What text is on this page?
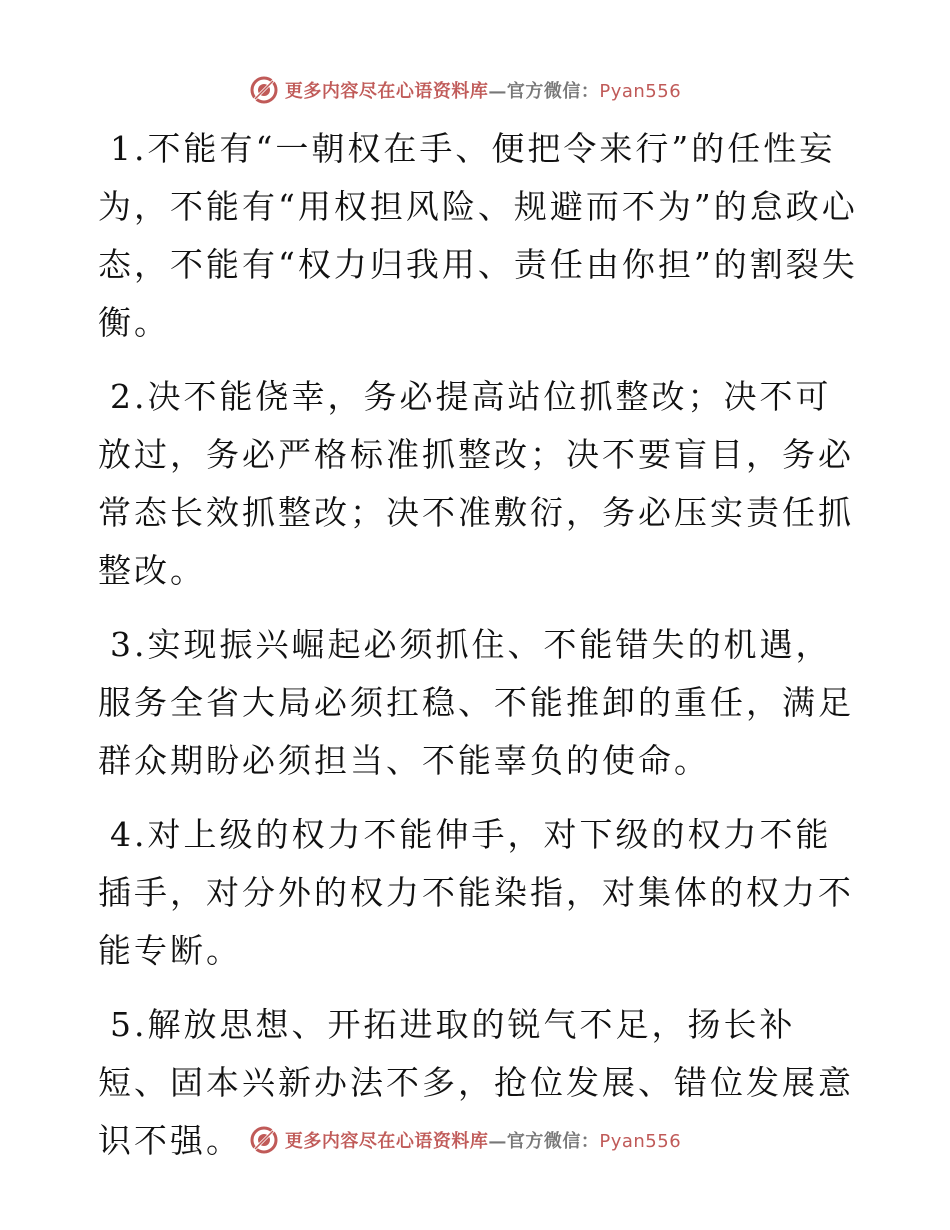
更多内容尽在心语资料库—官方微信：Pyan556

1.不能有“一朝权在手、便把令来行”的任性妄为，不能有“用权担风险、规避而不为”的怠政心态，不能有“权力归我用、责任由你担”的割裂失衡。

2.决不能侥幸，务必提高站位抓整改；决不可放过，务必严格标准抓整改；决不要盲目，务必常态长效抓整改；决不准敷衍，务必压实责任抓整改。

3.实现振兴崛起必须抓住、不能错失的机遇，服务全省大局必须扛稳、不能推卸的重任，满足群众期盼必须担当、不能辜负的使命。

4.对上级的权力不能伸手，对下级的权力不能插手，对分外的权力不能染指，对集体的权力不能专断。

5.解放思想、开拓进取的锐气不足，扬长补短、固本兴新办法不多，抢位发展、错位发展意识不强。	更多内容尽在心语资料库—官方微信：Pyan556
